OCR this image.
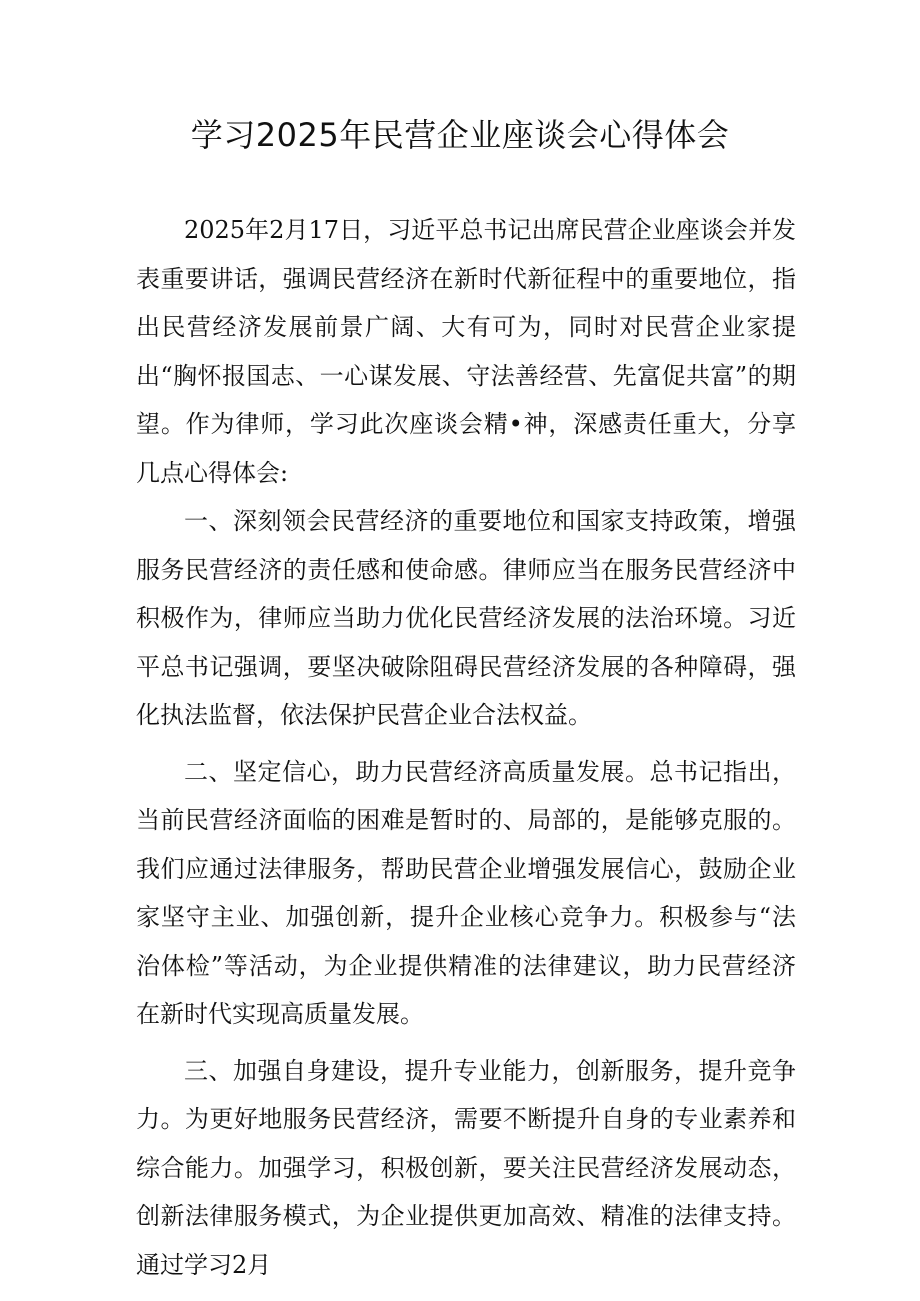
学习2025年民营企业座谈会心得体会

2025年2月17日，习近平总书记出席民营企业座谈会并发表重要讲话，强调民营经济在新时代新征程中的重要地位，指出民营经济发展前景广阔、大有可为，同时对民营企业家提出“胸怀报国志、一心谋发展、守法善经营、先富促共富”的期望。作为律师，学习此次座谈会精•神，深感责任重大，分享几点心得体会:

一、深刻领会民营经济的重要地位和国家支持政策，增强服务民营经济的责任感和使命感。律师应当在服务民营经济中积极作为，律师应当助力优化民营经济发展的法治环境。习近平总书记强调，要坚决破除阻碍民营经济发展的各种障碍，强化执法监督，依法保护民营企业合法权益。

二、坚定信心，助力民营经济高质量发展。总书记指出，当前民营经济面临的困难是暂时的、局部的，是能够克服的。我们应通过法律服务，帮助民营企业增强发展信心，鼓励企业家坚守主业、加强创新，提升企业核心竞争力。积极参与“法治体检”等活动，为企业提供精准的法律建议，助力民营经济在新时代实现高质量发展。

三、加强自身建设，提升专业能力，创新服务，提升竞争力。为更好地服务民营经济，需要不断提升自身的专业素养和综合能力。加强学习，积极创新，要关注民营经济发展动态，创新法律服务模式，为企业提供更加高效、精准的法律支持。通过学习2月
